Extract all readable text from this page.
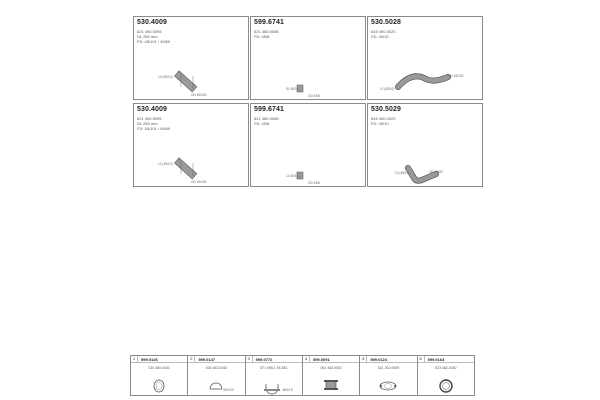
530.4009
621 490.0095
DL 255 mm
FD: 45/101 / 45/69
12 (45/10)
1
OD 45/100
599.6741
621 460.0008
FD: 45/8
ID 45/10
OD 45/8
530.5028
645 490.0020
FD: 45/10
11 (45/10)
OD 45/100
530.4009
621 490.0095
DL 255 mm
FD: 45/101 / 45/69
12 (45/10)
1
OD 45/100
599.6741
621 460.0008
FD: 45/8
12 45/10
OD 45/8
530.5029
645 490.0020
FD: 45/10
12 (45/10)	OD 45/80
1	599.0126
020 460.0441
2	599.0147
645 462.0440
45/10/0
3	599.0772
071 955.1 04.451
45/10 E
4	599.0091
061 462.0002
5	599.0124
621 302.0009
6	599.0164
023 462.0040
